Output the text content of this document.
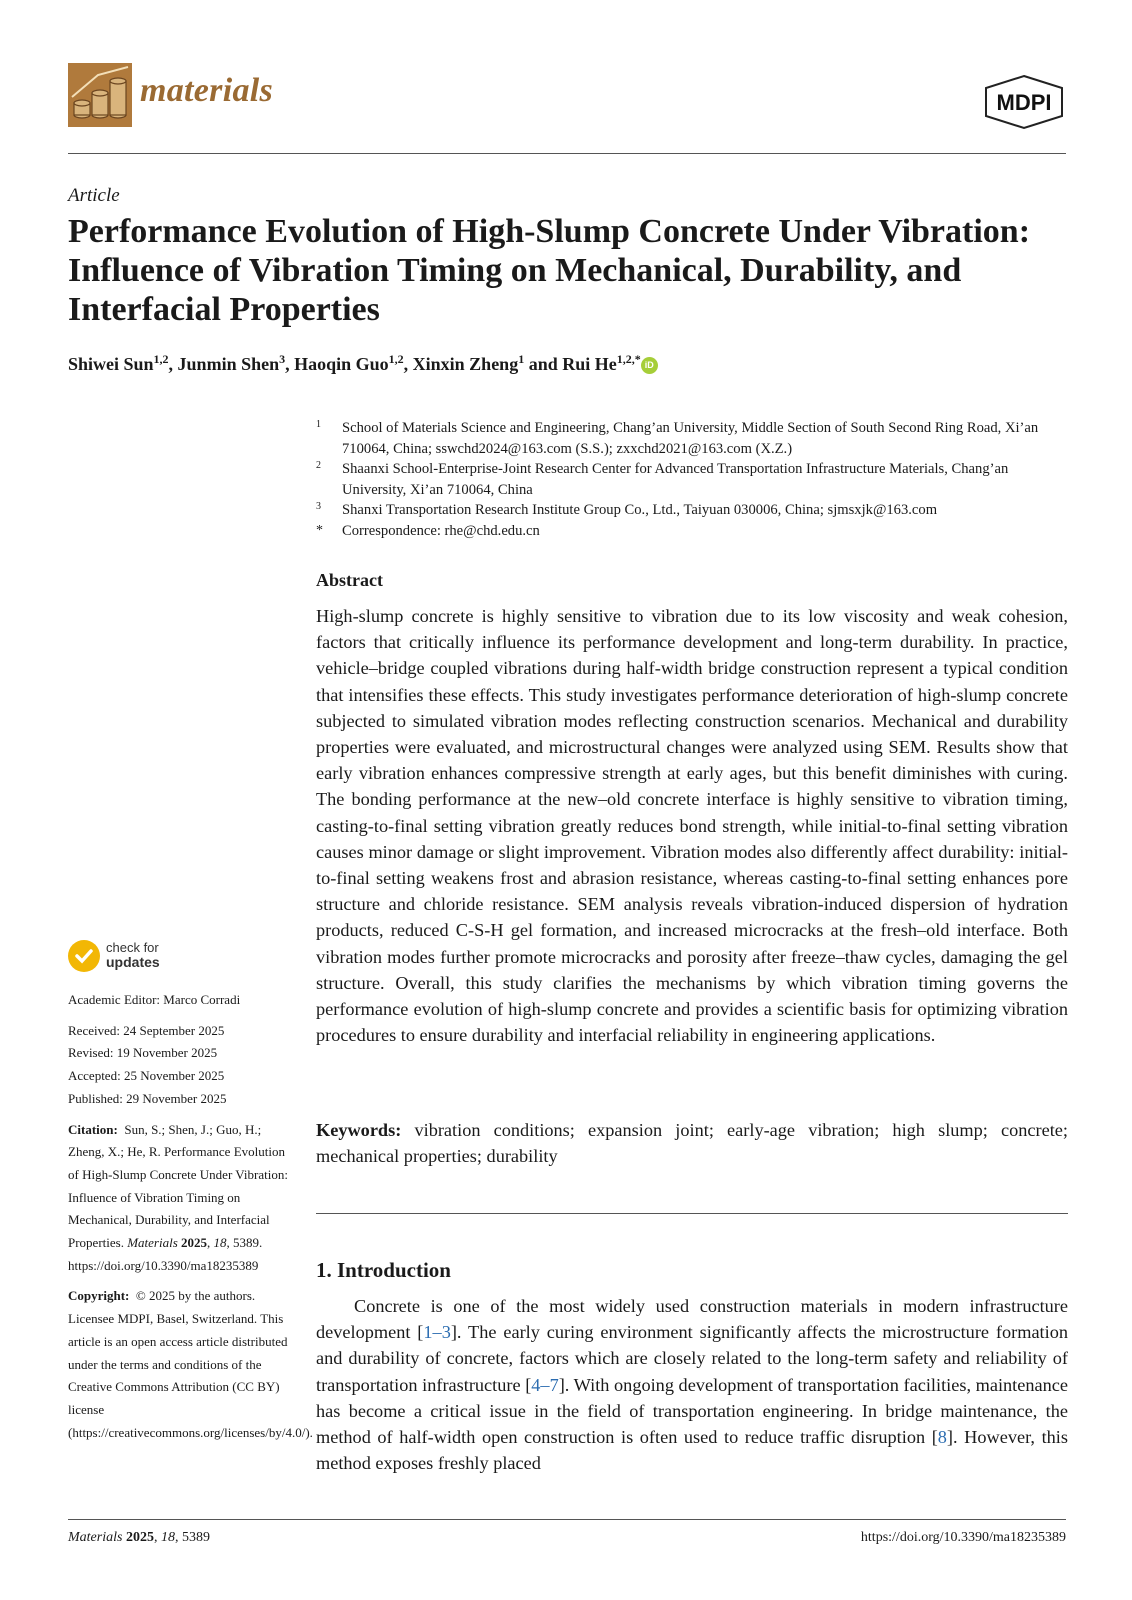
materials	MDPI
Article
Performance Evolution of High-Slump Concrete Under Vibration: Influence of Vibration Timing on Mechanical, Durability, and Interfacial Properties
Shiwei Sun$^{1,2}$, Junmin Shen$^3$, Haoqin Guo$^{1,2}$, Xinxin Zheng$^1$ and Rui $He^{1,2,*}$ iD
1 School of Materials Science and Engineering, Chang’an University, Middle Section of South Second Ring Road, Xi’an 710064, China; sswchd2024@163.com (S.S.); zxxchd2021@163.com (X.Z.)
2 Shaanxi School-Enterprise-Joint Research Center for Advanced Transportation Infrastructure Materials, Chang’an University, Xi’an 710064, China
3 Shanxi Transportation Research Institute Group Co., Ltd., Taiyuan 030006, China; sjmsxjk@163.com
* Correspondence: rhe@chd.edu.cn
Abstract
High-slump concrete is highly sensitive to vibration due to its low viscosity and weak cohesion, factors that critically influence its performance development and long-term durability. In practice, vehicle–bridge coupled vibrations during half-width bridge construction represent a typical condition that intensifies these effects. This study investigates performance deterioration of high-slump concrete subjected to simulated vibration modes reflecting construction scenarios. Mechanical and durability properties were evaluated, and microstructural changes were analyzed using SEM. Results show that early vibration enhances compressive strength at early ages, but this benefit diminishes with curing. The bonding performance at the new–old concrete interface is highly sensitive to vibration timing, casting-to-final setting vibration greatly reduces bond strength, while initial-to-final setting vibration causes minor damage or slight improvement. Vibration modes also differently affect durability: initial-to-final setting weakens frost and abrasion resistance, whereas casting-to-final setting enhances pore structure and chloride resistance. SEM analysis reveals vibration-induced dispersion of hydration products, reduced C-S-H gel formation, and increased microcracks at the fresh–old interface. Both vibration modes further promote microcracks and porosity after freeze–thaw cycles, damaging the gel structure. Overall, this study clarifies the mechanisms by which vibration timing governs the performance evolution of high-slump concrete and provides a scientific basis for optimizing vibration procedures to ensure durability and interfacial reliability in engineering applications.
Keywords: vibration conditions; expansion joint; early-age vibration; high slump; concrete; mechanical properties; durability
1. Introduction
Concrete is one of the most widely used construction materials in modern infrastructure development [1–3]. The early curing environment significantly affects the microstructure formation and durability of concrete, factors which are closely related to the long-term safety and reliability of transportation infrastructure [4–7]. With ongoing development of transportation facilities, maintenance has become a critical issue in the field of transportation engineering. In bridge maintenance, the method of half-width open construction is often used to reduce traffic disruption [8]. However, this method exposes freshly placed
check for
updates

Academic Editor: Marco Corradi

Received: 24 September 2025

Revised: 19 November 2025

Accepted: 25 November 2025

Published: 29 November 2025

Citation: Sun, S.; Shen, J.; Guo, H.; Zheng, X.; He, R. Performance Evolution of High-Slump Concrete Under Vibration: Influence of Vibration Timing on Mechanical, Durability, and Interfacial Properties. Materials 2025, 18, 5389. https://doi.org/10.3390/ma18235389

Copyright: © 2025 by the authors. Licensee MDPI, Basel, Switzerland. This article is an open access article distributed under the terms and conditions of the Creative Commons Attribution (CC BY) license (https://creativecommons.org/licenses/by/4.0/).

Materials 2025, 18, 5389	https://doi.org/10.3390/ma18235389
